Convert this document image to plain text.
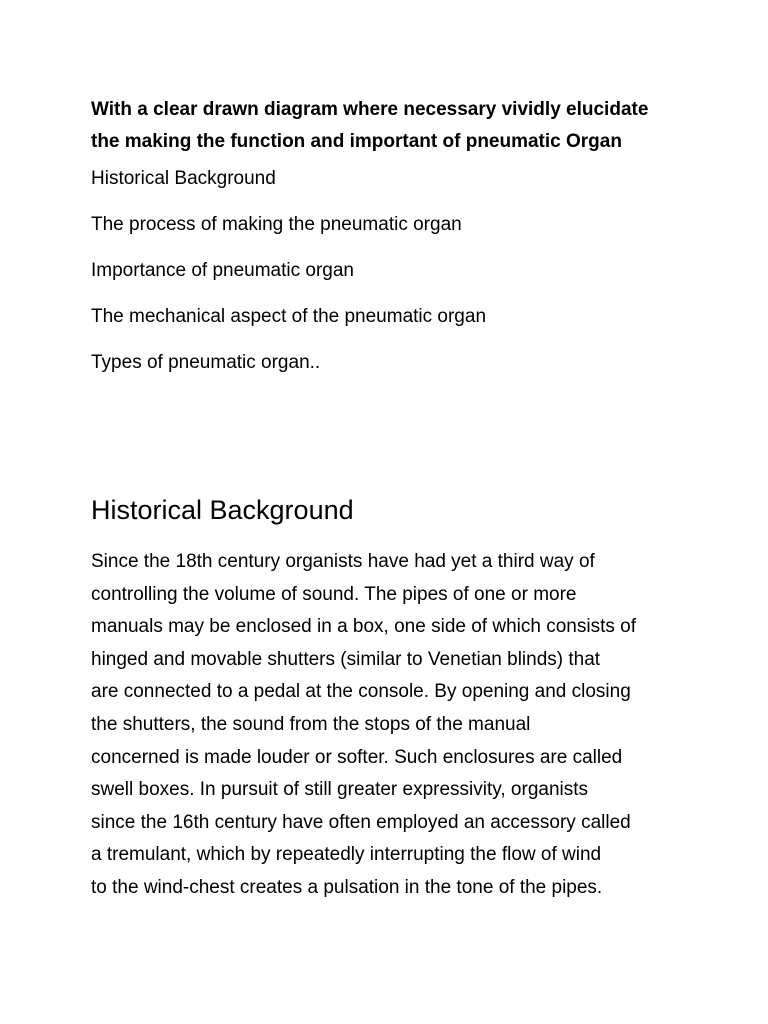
With a clear drawn diagram where necessary vividly elucidate
the making the function and important of pneumatic Organ

Historical Background
The process of making the pneumatic organ
Importance of pneumatic organ
The mechanical aspect of the pneumatic organ
Types of pneumatic organ..
Historical Background

Since the 18th century organists have had yet a third way of
controlling the volume of sound. The pipes of one or more
manuals may be enclosed in a box, one side of which consists of
hinged and movable shutters (similar to Venetian blinds) that
are connected to a pedal at the console. By opening and closing
the shutters, the sound from the stops of the manual
concerned is made louder or softer. Such enclosures are called
swell boxes. In pursuit of still greater expressivity, organists
since the 16th century have often employed an accessory called
a tremulant, which by repeatedly interrupting the flow of wind
to the wind-chest creates a pulsation in the tone of the pipes.
